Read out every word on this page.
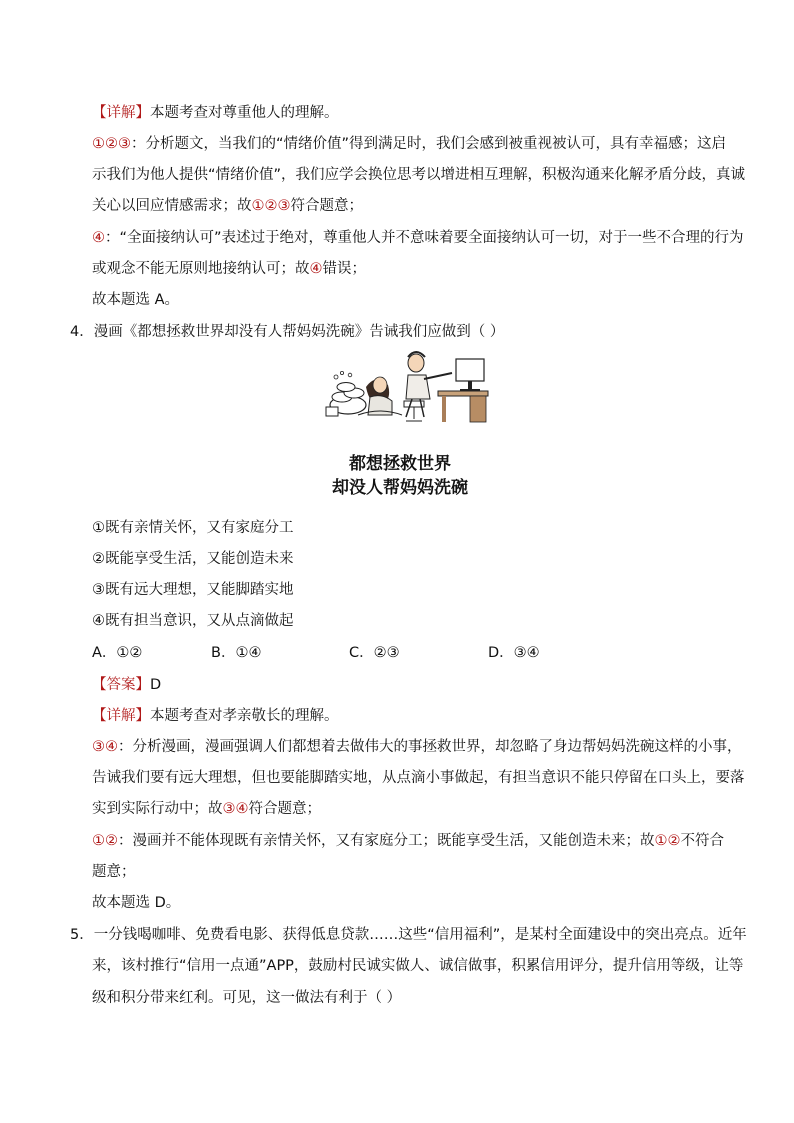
【详解】本题考查对尊重他人的理解。
①②③：分析题文，当我们的“情绪价值”得到满足时，我们会感到被重视被认可，具有幸福感；这启
示我们为他人提供“情绪价值”，我们应学会换位思考以增进相互理解，积极沟通来化解矛盾分歧，真诚
关心以回应情感需求；故①②③符合题意；
④：“全面接纳认可”表述过于绝对，尊重他人并不意味着要全面接纳认可一切，对于一些不合理的行为
或观念不能无原则地接纳认可；故④错误；
故本题选 A。
4．漫画《都想拯救世界却没有人帮妈妈洗碗》告诫我们应做到（ ）
都想拯救世界
却没人帮妈妈洗碗
①既有亲情关怀，又有家庭分工
②既能享受生活，又能创造未来
③既有远大理想，又能脚踏实地
④既有担当意识，又从点滴做起
A．①②	B．①④	C．②③	D．③④
【答案】D
【详解】本题考查对孝亲敬长的理解。
③④：分析漫画，漫画强调人们都想着去做伟大的事拯救世界，却忽略了身边帮妈妈洗碗这样的小事，
告诫我们要有远大理想，但也要能脚踏实地，从点滴小事做起，有担当意识不能只停留在口头上，要落
实到实际行动中；故③④符合题意；
①②：漫画并不能体现既有亲情关怀，又有家庭分工；既能享受生活，又能创造未来；故①②不符合
题意；
故本题选 D。
5．一分钱喝咖啡、免费看电影、获得低息贷款……这些“信用福利”，是某村全面建设中的突出亮点。近年
来，该村推行“信用一点通”APP，鼓励村民诚实做人、诚信做事，积累信用评分，提升信用等级，让等
级和积分带来红利。可见，这一做法有利于（ ）
